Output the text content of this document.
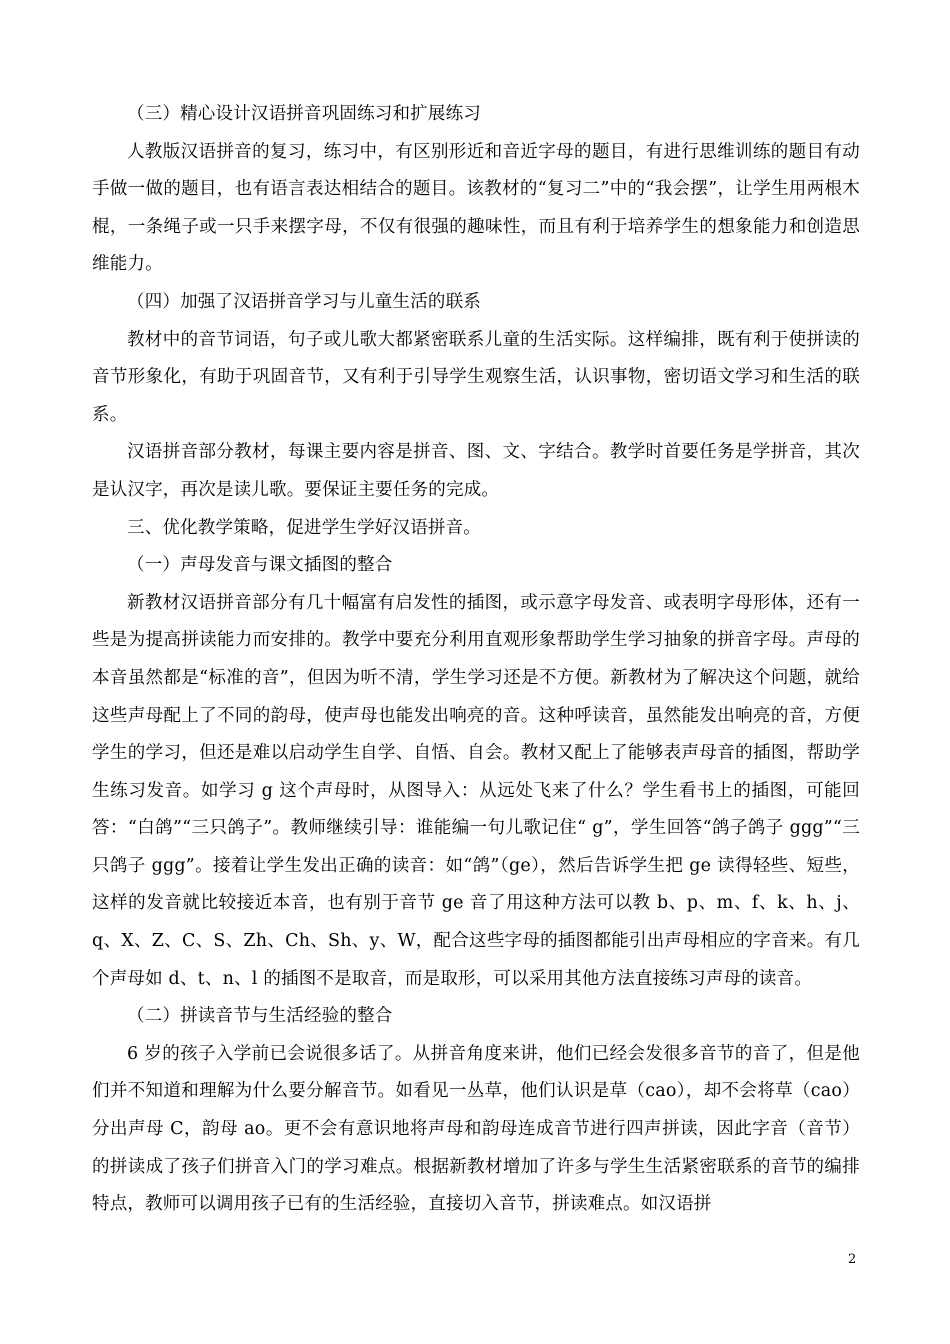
（三）精心设计汉语拼音巩固练习和扩展练习

人教版汉语拼音的复习，练习中，有区别形近和音近字母的题目，有进行思维训练的题目有动手做一做的题目，也有语言表达相结合的题目。该教材的“复习二”中的“我会摆”，让学生用两根木棍，一条绳子或一只手来摆字母，不仅有很强的趣味性，而且有利于培养学生的想象能力和创造思维能力。

（四）加强了汉语拼音学习与儿童生活的联系

教材中的音节词语，句子或儿歌大都紧密联系儿童的生活实际。这样编排，既有利于使拼读的音节形象化，有助于巩固音节，又有利于引导学生观察生活，认识事物，密切语文学习和生活的联系。

汉语拼音部分教材，每课主要内容是拼音、图、文、字结合。教学时首要任务是学拼音，其次是认汉字，再次是读儿歌。要保证主要任务的完成。

三、优化教学策略，促进学生学好汉语拼音。

（一）声母发音与课文插图的整合

新教材汉语拼音部分有几十幅富有启发性的插图，或示意字母发音、或表明字母形体，还有一些是为提高拼读能力而安排的。教学中要充分利用直观形象帮助学生学习抽象的拼音字母。声母的本音虽然都是“标准的音”，但因为听不清，学生学习还是不方便。新教材为了解决这个问题，就给这些声母配上了不同的韵母，使声母也能发出响亮的音。这种呼读音，虽然能发出响亮的音，方便学生的学习，但还是难以启动学生自学、自悟、自会。教材又配上了能够表声母音的插图，帮助学生练习发音。如学习 g 这个声母时，从图导入：从远处飞来了什么？学生看书上的插图，可能回答：“白鸽”“三只鸽子”。教师继续引导：谁能编一句儿歌记住“ g”，学生回答“鸽子鸽子 ggg”“三只鸽子 ggg”。接着让学生发出正确的读音：如“鸽”（ge），然后告诉学生把 ge 读得轻些、短些，这样的发音就比较接近本音，也有别于音节 ge 音了用这种方法可以教 b、p、m、f、k、h、j、q、X、Z、C、S、Zh、Ch、Sh、y、W，配合这些字母的插图都能引出声母相应的字音来。有几个声母如 d、t、n、l 的插图不是取音，而是取形，可以采用其他方法直接练习声母的读音。

（二）拼读音节与生活经验的整合

6 岁的孩子入学前已会说很多话了。从拼音角度来讲，他们已经会发很多音节的音了，但是他们并不知道和理解为什么要分解音节。如看见一丛草，他们认识是草（cao），却不会将草（cao）分出声母 C，韵母 ao。更不会有意识地将声母和韵母连成音节进行四声拼读，因此字音（音节）的拼读成了孩子们拼音入门的学习难点。根据新教材增加了许多与学生生活紧密联系的音节的编排特点，教师可以调用孩子已有的生活经验，直接切入音节，拼读难点。如汉语拼

2
